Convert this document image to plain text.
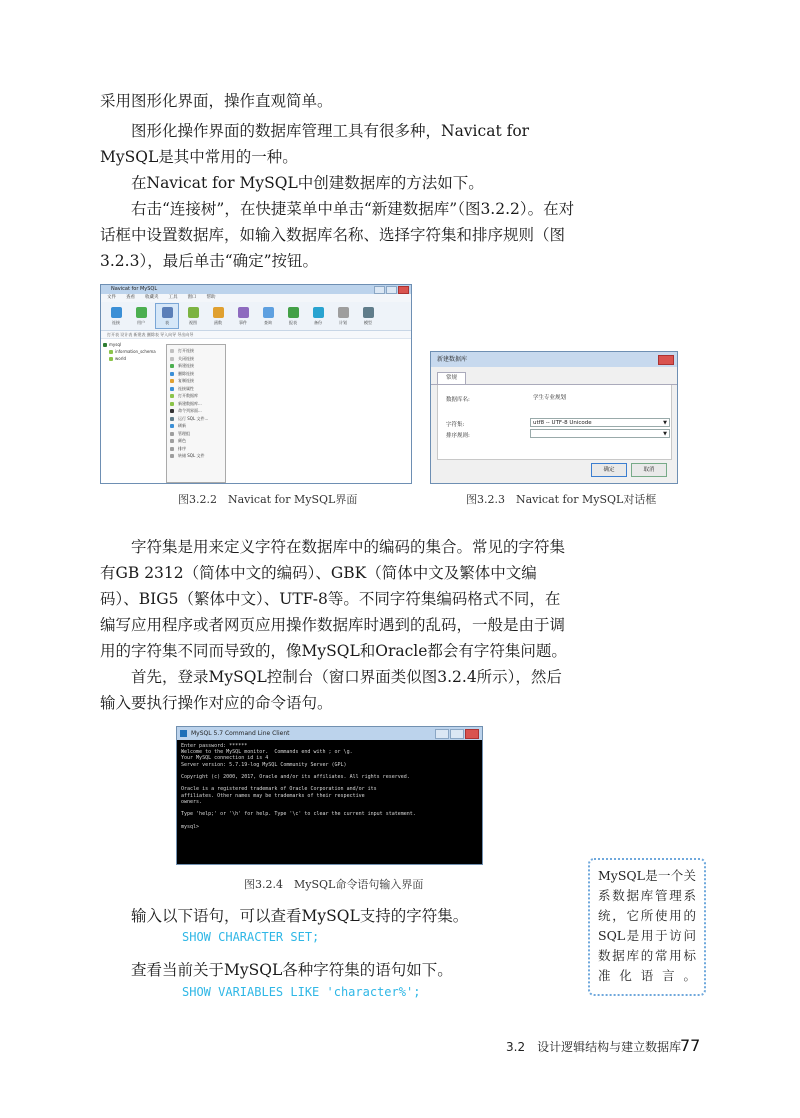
采用图形化界面，操作直观简单。

图形化操作界面的数据库管理工具有很多种，Navicat for MySQL是其中常用的一种。

在Navicat for MySQL中创建数据库的方法如下。

右击“连接树”，在快捷菜单中单击“新建数据库”（图3.2.2）。在对话框中设置数据库，如输入数据库名称、选择字符集和排序规则（图3.2.3），最后单击“确定”按钮。

Navicat for MySQL
文件 查看 收藏夹 工具 窗口 帮助
连接	用户	表	视图	函数	事件	查询	报表	备份	计划	模型
打开表 设计表 新建表 删除表 导入向导 导出向导
mysql
information_schema
world
打开连接
关闭连接
新建连接
删除连接
复制连接
连接属性
打开数据库
新建数据库...
命令列界面...
运行 SQL 文件...
刷新
管理组
颜色
排序
转储 SQL 文件
新建数据库
常规
数据库名:	学生专业规划
字符集:	utf8 -- UTF-8 Unicode	▼
排序规则:	▼
确定	取消
图3.2.2　Navicat for MySQL界面	图3.2.3　Navicat for MySQL对话框

字符集是用来定义字符在数据库中的编码的集合。常见的字符集有GB 2312（简体中文的编码）、GBK（简体中文及繁体中文编码）、BIG5（繁体中文）、UTF-8等。不同字符集编码格式不同，在编写应用程序或者网页应用操作数据库时遇到的乱码，一般是由于调用的字符集不同而导致的，像MySQL和Oracle都会有字符集问题。

首先，登录MySQL控制台（窗口界面类似图3.2.4所示），然后输入要执行操作对应的命令语句。

MySQL 5.7 Command Line Client
Enter password: ******
Welcome to the MySQL monitor.  Commands end with ; or \g.
Your MySQL connection id is 4
Server version: 5.7.19-log MySQL Community Server (GPL)

Copyright (c) 2000, 2017, Oracle and/or its affiliates. All rights reserved.

Oracle is a registered trademark of Oracle Corporation and/or its
affiliates. Other names may be trademarks of their respective
owners.

Type 'help;' or '\h' for help. Type '\c' to clear the current input statement.

mysql>
图3.2.4　MySQL命令语句输入界面

输入以下语句，可以查看MySQL支持的字符集。

SHOW CHARACTER SET;

查看当前关于MySQL各种字符集的语句如下。

SHOW VARIABLES LIKE 'character%';
MySQL是一个关系数据库管理系统，它所使用的SQL是用于访问数据库的常用标准化语言。
3.2　设计逻辑结构与建立数据库
77
